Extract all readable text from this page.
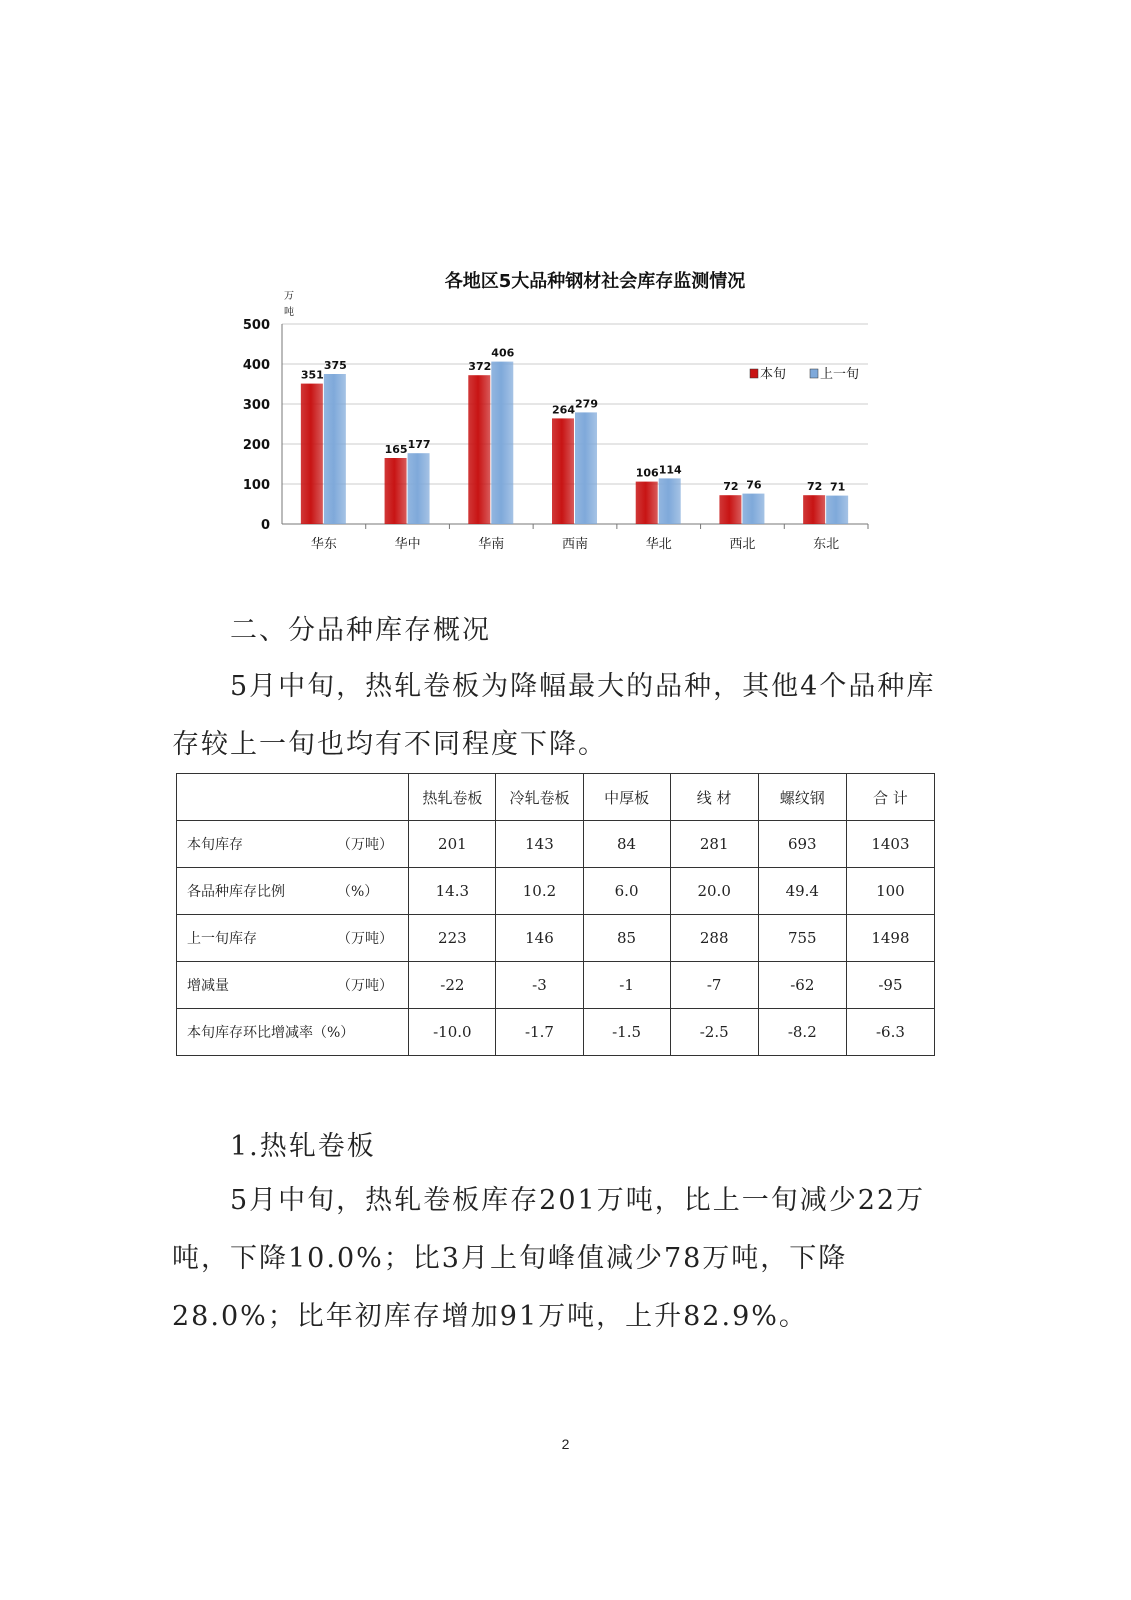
各地区5大品种钢材社会库存监测情况
万
吨
0
100
200
300
400
500
华东
351
375
华中
165 177
华南
372
406
西南
264 279
华北
106 114
西北
72 76
东北
72 71
本旬	上一旬
二、分品种库存概况

5月中旬，热轧卷板为降幅最大的品种，其他4个品种库存较上一旬也均有不同程度下降。

	热轧卷板	冷轧卷板	中厚板	线 材	螺纹钢	合 计
本旬库存 （万吨）	201	143	84	281	693	1403
各品种库存比例 （%）	14.3	10.2	6.0	20.0	49.4	100
上一旬库存 （万吨）	223	146	85	288	755	1498
增减量 （万吨）	-22	-3	-1	-7	-62	-95
本旬库存环比增减率（%）	-10.0	-1.7	-1.5	-2.5	-8.2	-6.3
1.热轧卷板

5月中旬，热轧卷板库存201万吨，比上一旬减少22万吨，下降10.0%；比3月上旬峰值减少78万吨，下降28.0%；比年初库存增加91万吨，上升82.9%。

2
